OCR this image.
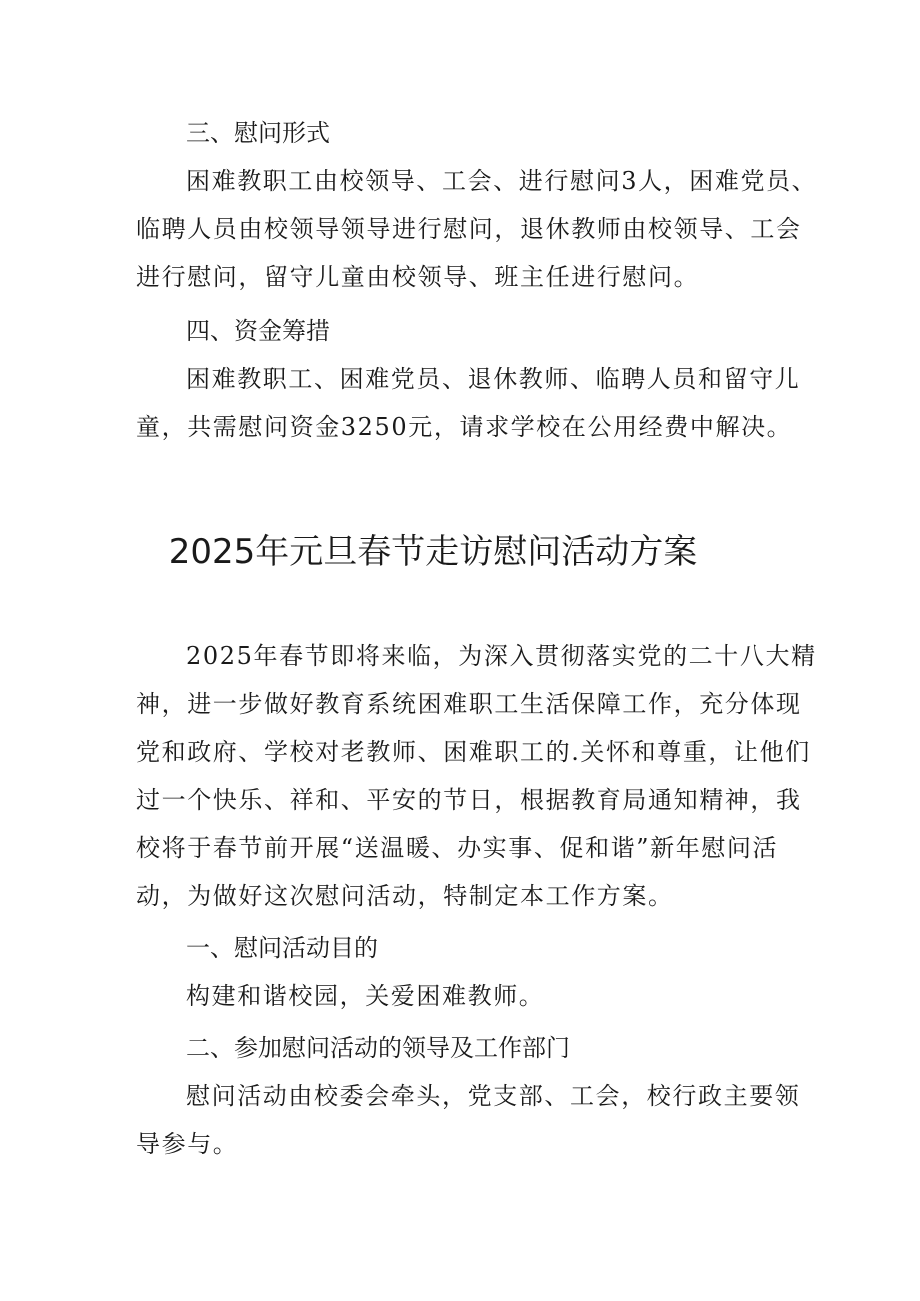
三、慰问形式
困难教职工由校领导、工会、进行慰问3人，困难党员、
临聘人员由校领导领导进行慰问，退休教师由校领导、工会
进行慰问，留守儿童由校领导、班主任进行慰问。
四、资金筹措
困难教职工、困难党员、退休教师、临聘人员和留守儿
童，共需慰问资金3250元，请求学校在公用经费中解决。
2025年元旦春节走访慰问活动方案
2025年春节即将来临，为深入贯彻落实党的二十八大精
神，进一步做好教育系统困难职工生活保障工作，充分体现
党和政府、学校对老教师、困难职工的.关怀和尊重，让他们
过一个快乐、祥和、平安的节日，根据教育局通知精神，我
校将于春节前开展“送温暖、办实事、促和谐”新年慰问活
动，为做好这次慰问活动，特制定本工作方案。
一、慰问活动目的
构建和谐校园，关爱困难教师。
二、参加慰问活动的领导及工作部门
慰问活动由校委会牵头，党支部、工会，校行政主要领
导参与。
